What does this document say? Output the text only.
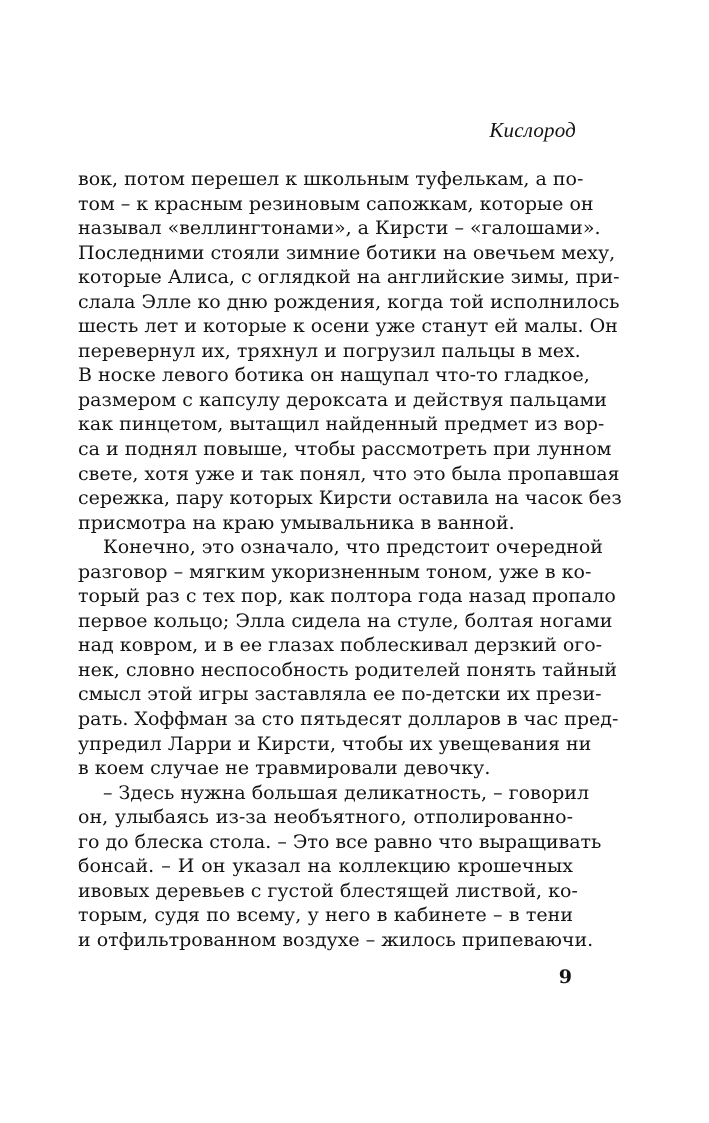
Кислород
вок, потом перешел к школьным туфелькам, а по-
том – к красным резиновым сапожкам, которые он
называл «веллингтонами», а Кирсти – «галошами».
Последними стояли зимние ботики на овечьем меху,
которые Алиса, с оглядкой на английские зимы, при-
слала Элле ко дню рождения, когда той исполнилось
шесть лет и которые к осени уже станут ей малы. Он
перевернул их, тряхнул и погрузил пальцы в мех.
В носке левого ботика он нащупал что-то гладкое,
размером с капсулу дероксата и действуя пальцами
как пинцетом, вытащил найденный предмет из вор-
са и поднял повыше, чтобы рассмотреть при лунном
свете, хотя уже и так понял, что это была пропавшая
сережка, пару которых Кирсти оставила на часок без
присмотра на краю умывальника в ванной.
Конечно, это означало, что предстоит очередной
разговор – мягким укоризненным тоном, уже в ко-
торый раз с тех пор, как полтора года назад пропало
первое кольцо; Элла сидела на стуле, болтая ногами
над ковром, и в ее глазах поблескивал дерзкий ого-
нек, словно неспособность родителей понять тайный
смысл этой игры заставляла ее по-детски их прези-
рать. Хоффман за сто пятьдесят долларов в час пред-
упредил Ларри и Кирсти, чтобы их увещевания ни
в коем случае не травмировали девочку.
– Здесь нужна большая деликатность, – говорил
он, улыбаясь из-за необъятного, отполированно-
го до блеска стола. – Это все равно что выращивать
бонсай. – И он указал на коллекцию крошечных
ивовых деревьев с густой блестящей листвой, ко-
торым, судя по всему, у него в кабинете – в тени
и отфильтрованном воздухе – жилось припеваючи.
9
